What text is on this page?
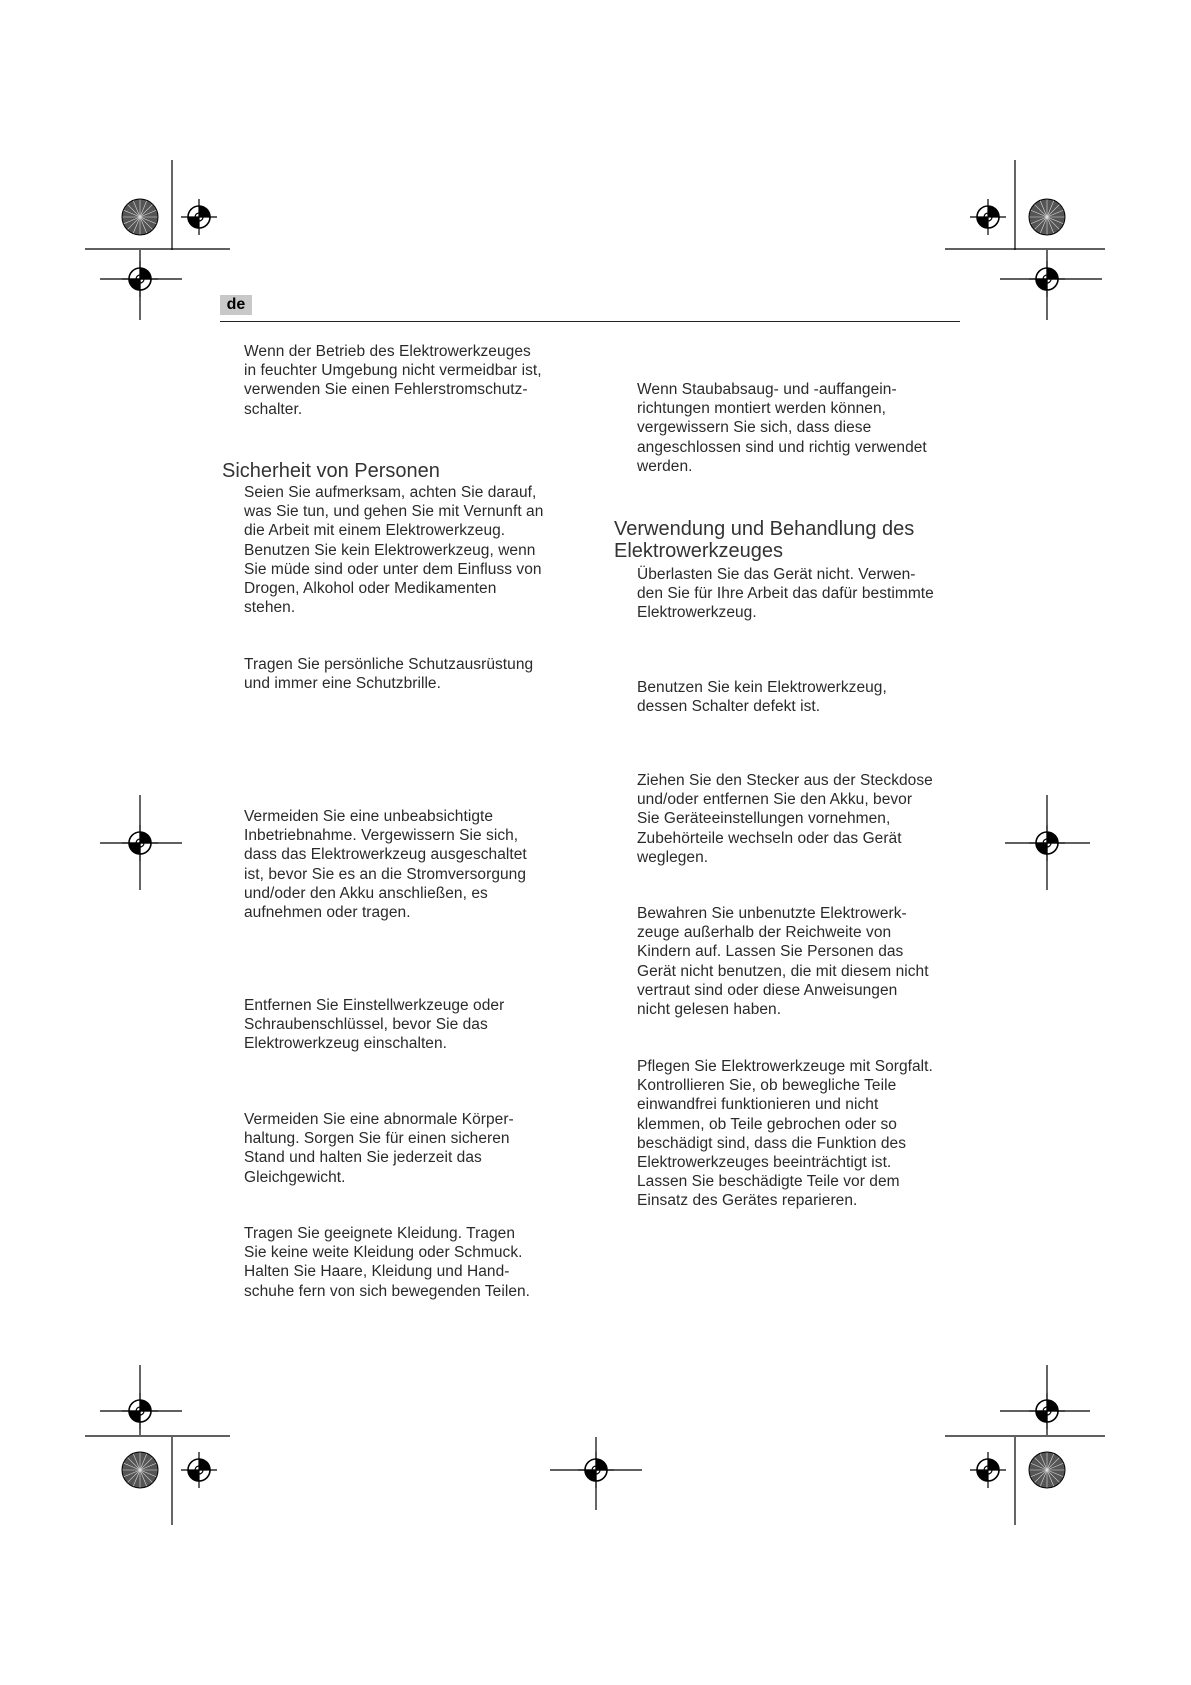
de
Wenn der Betrieb des Elektrowerkzeuges
in feuchter Umgebung nicht vermeidbar ist,
verwenden Sie einen Fehlerstromschutz-
schalter.
Sicherheit von Personen
Seien Sie aufmerksam, achten Sie darauf,
was Sie tun, und gehen Sie mit Vernunft an
die Arbeit mit einem Elektrowerkzeug.
Benutzen Sie kein Elektrowerkzeug, wenn
Sie müde sind oder unter dem Einfluss von
Drogen, Alkohol oder Medikamenten
stehen.
Tragen Sie persönliche Schutzausrüstung
und immer eine Schutzbrille.
Vermeiden Sie eine unbeabsichtigte
Inbetriebnahme. Vergewissern Sie sich,
dass das Elektrowerkzeug ausgeschaltet
ist, bevor Sie es an die Stromversorgung
und/oder den Akku anschließen, es
aufnehmen oder tragen.
Entfernen Sie Einstellwerkzeuge oder
Schraubenschlüssel, bevor Sie das
Elektrowerkzeug einschalten.
Vermeiden Sie eine abnormale Körper-
haltung. Sorgen Sie für einen sicheren
Stand und halten Sie jederzeit das
Gleichgewicht.
Tragen Sie geeignete Kleidung. Tragen
Sie keine weite Kleidung oder Schmuck.
Halten Sie Haare, Kleidung und Hand-
schuhe fern von sich bewegenden Teilen.
Wenn Staubabsaug- und -auffangein-
richtungen montiert werden können,
vergewissern Sie sich, dass diese
angeschlossen sind und richtig verwendet
werden.
Verwendung und Behandlung des
Elektrowerkzeuges
Überlasten Sie das Gerät nicht. Verwen-
den Sie für Ihre Arbeit das dafür bestimmte
Elektrowerkzeug.
Benutzen Sie kein Elektrowerkzeug,
dessen Schalter defekt ist.
Ziehen Sie den Stecker aus der Steckdose
und/oder entfernen Sie den Akku, bevor
Sie Geräteeinstellungen vornehmen,
Zubehörteile wechseln oder das Gerät
weglegen.
Bewahren Sie unbenutzte Elektrowerk-
zeuge außerhalb der Reichweite von
Kindern auf. Lassen Sie Personen das
Gerät nicht benutzen, die mit diesem nicht
vertraut sind oder diese Anweisungen
nicht gelesen haben.
Pflegen Sie Elektrowerkzeuge mit Sorgfalt.
Kontrollieren Sie, ob bewegliche Teile
einwandfrei funktionieren und nicht
klemmen, ob Teile gebrochen oder so
beschädigt sind, dass die Funktion des
Elektrowerkzeuges beeinträchtigt ist.
Lassen Sie beschädigte Teile vor dem
Einsatz des Gerätes reparieren.
